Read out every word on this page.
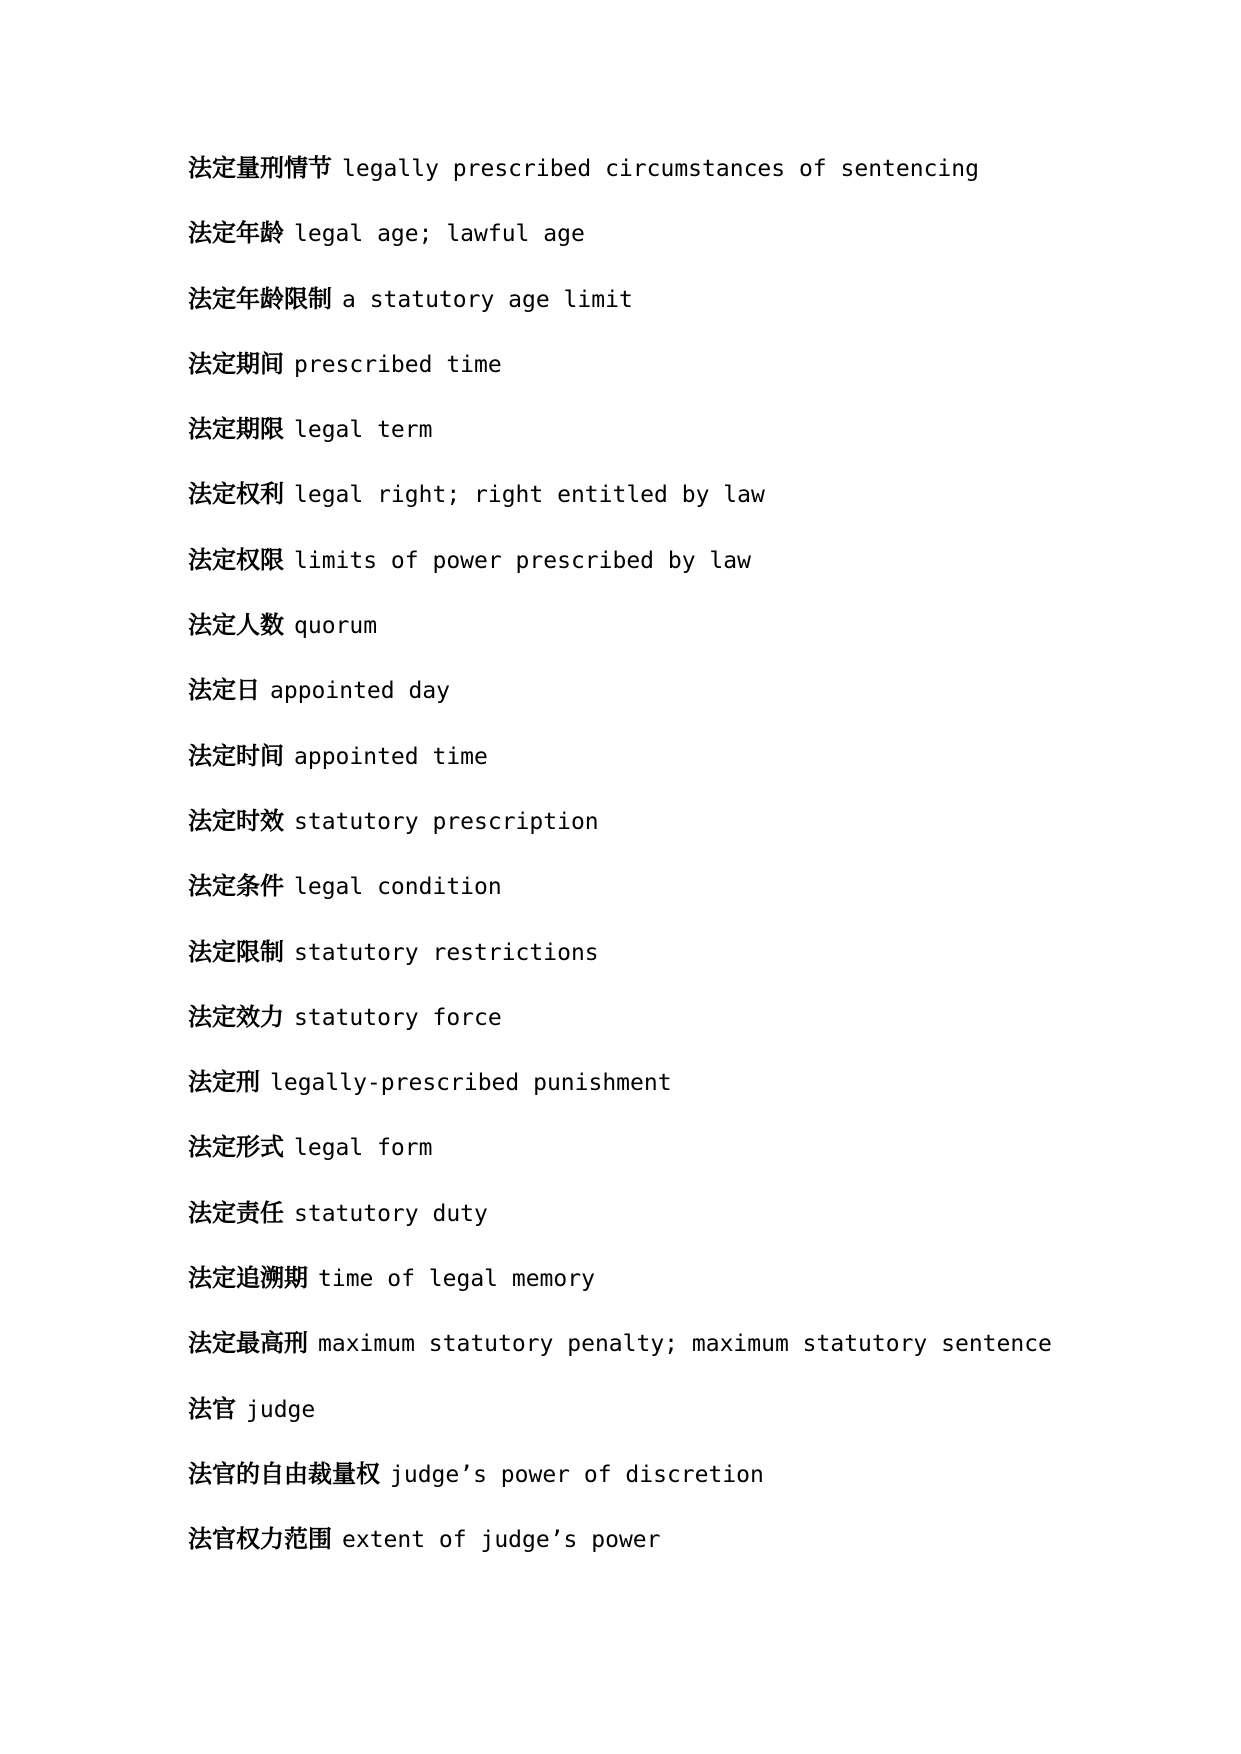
法定量刑情节 legally prescribed circumstances of sentencing
法定年龄 legal age; lawful age
法定年龄限制 a statutory age limit
法定期间 prescribed time
法定期限 legal term
法定权利 legal right; right entitled by law
法定权限 limits of power prescribed by law
法定人数 quorum
法定日 appointed day
法定时间 appointed time
法定时效 statutory prescription
法定条件 legal condition
法定限制 statutory restrictions
法定效力 statutory force
法定刑 legally-prescribed punishment
法定形式 legal form
法定责任 statutory duty
法定追溯期 time of legal memory
法定最高刑 maximum statutory penalty; maximum statutory sentence
法官 judge
法官的自由裁量权 judge’s power of discretion
法官权力范围 extent of judge’s power
